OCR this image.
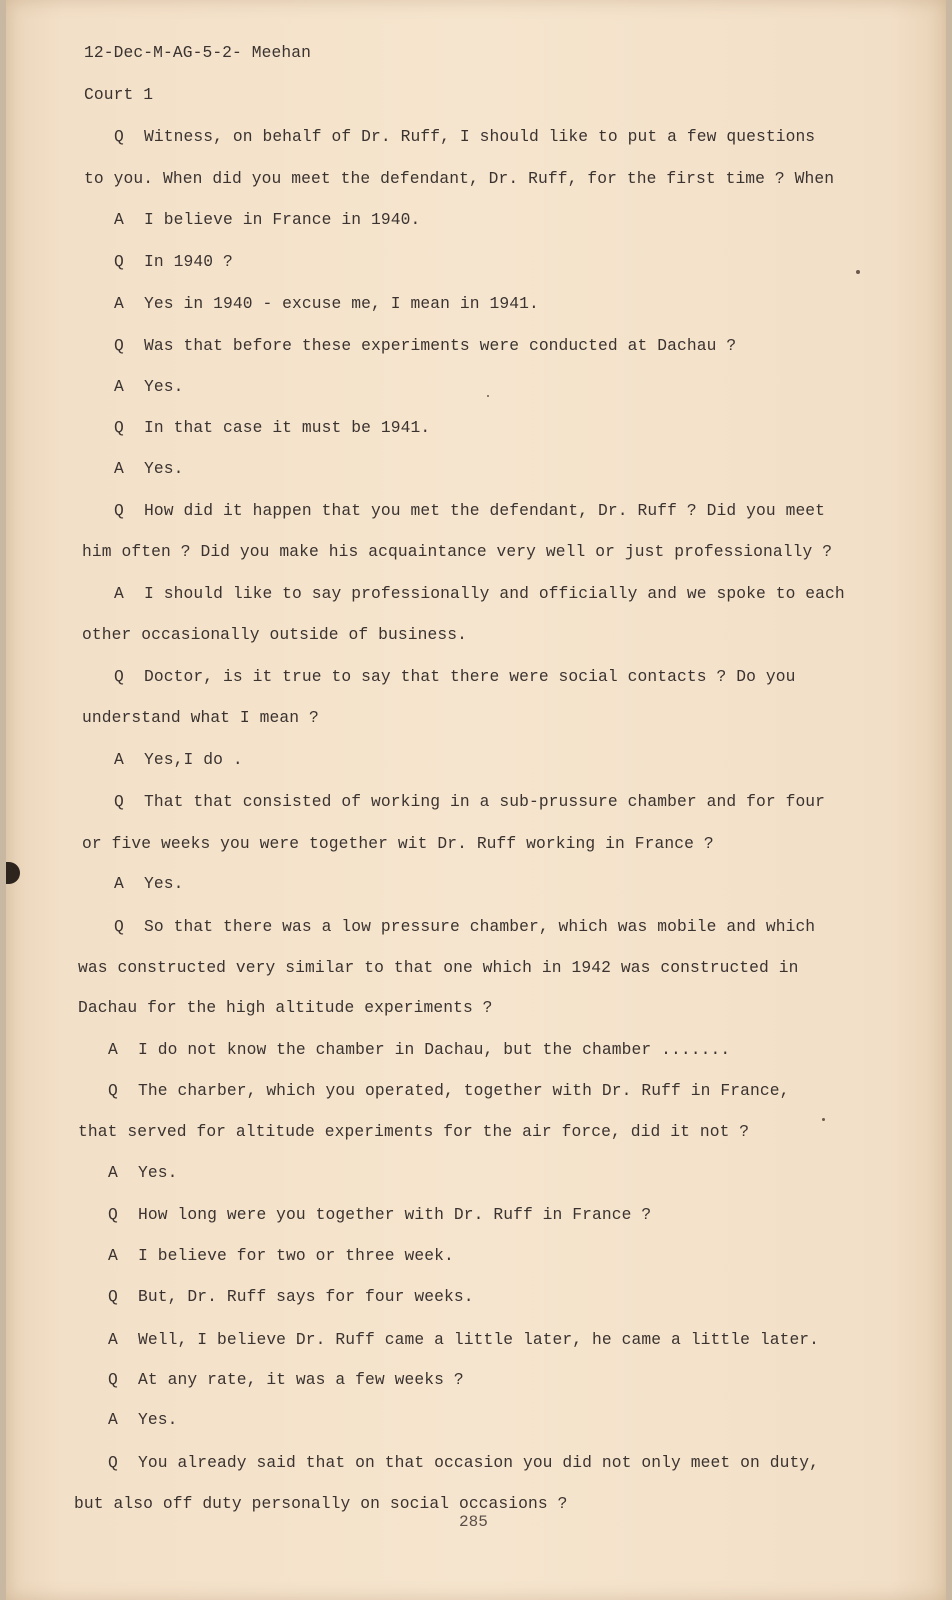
12-Dec-M-AG-5-2- Meehan
Court 1
Q Witness, on behalf of Dr. Ruff, I should like to put a few questions
to you. When did you meet the defendant, Dr. Ruff, for the first time ? When
A I believe in France in 1940.
Q In 1940 ?
A Yes in 1940 - excuse me, I mean in 1941.
Q Was that before these experiments were conducted at Dachau ?
A Yes.
Q In that case it must be 1941.
A Yes.
Q How did it happen that you met the defendant, Dr. Ruff ? Did you meet
him often ? Did you make his acquaintance very well or just professionally ?
A I should like to say professionally and officially and we spoke to each
other occasionally outside of business.
Q Doctor, is it true to say that there were social contacts ? Do you
understand what I mean ?
A Yes,I do .
Q That that consisted of working in a sub-prussure chamber and for four
or five weeks you were together wit Dr. Ruff working in France ?
A Yes.
Q So that there was a low pressure chamber, which was mobile and which
was constructed very similar to that one which in 1942 was constructed in
Dachau for the high altitude experiments ?
A I do not know the chamber in Dachau, but the chamber .......
Q The charber, which you operated, together with Dr. Ruff in France,
that served for altitude experiments for the air force, did it not ?
A Yes.
Q How long were you together with Dr. Ruff in France ?
A I believe for two or three week.
Q But, Dr. Ruff says for four weeks.
A Well, I believe Dr. Ruff came a little later, he came a little later.
Q At any rate, it was a few weeks ?
A Yes.
Q You already said that on that occasion you did not only meet on duty,
but also off duty personally on social occasions ?
285
